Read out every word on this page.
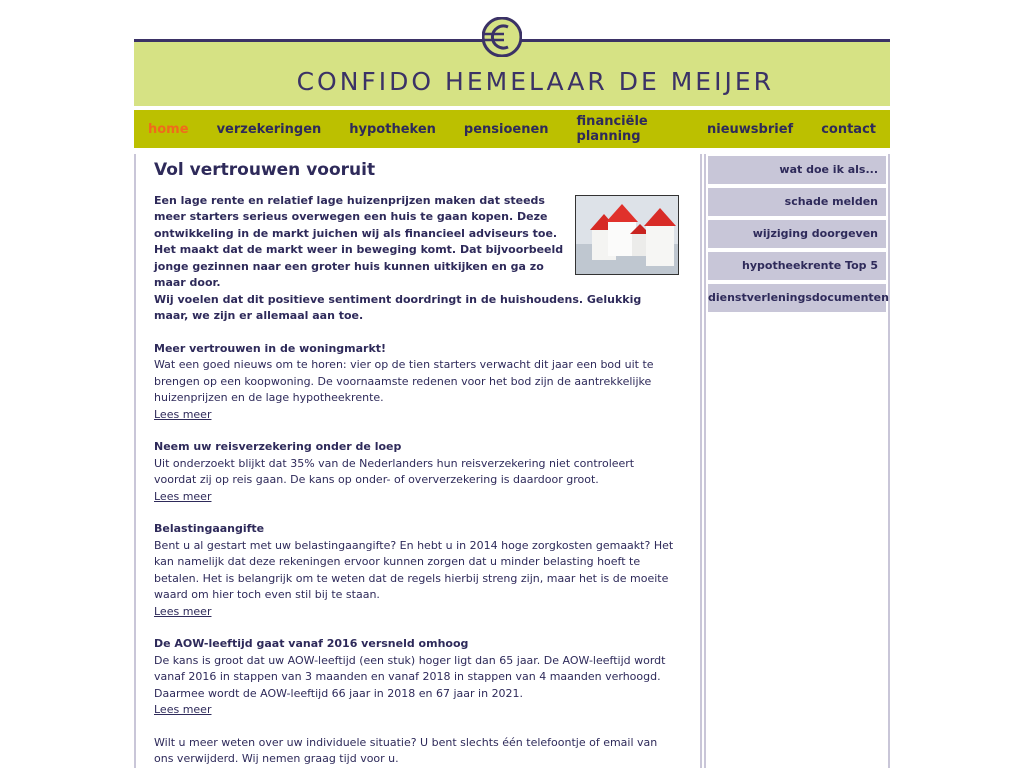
CONFIDO HEMELAAR DE MEIJER
home verzekeringen hypotheken pensioenen financiële planning	nieuwsbrief contact
Vol vertrouwen vooruit

Een lage rente en relatief lage huizenprijzen maken dat steeds meer starters serieus overwegen een huis te gaan kopen. Deze ontwikkeling in de markt juichen wij als financieel adviseurs toe. Het maakt dat de markt weer in beweging komt. Dat bijvoorbeeld jonge gezinnen naar een groter huis kunnen uitkijken en ga zo maar door.

Wij voelen dat dit positieve sentiment doordringt in de huishoudens. Gelukkig maar, we zijn er allemaal aan toe.

Meer vertrouwen in de woningmarkt!

Wat een goed nieuws om te horen: vier op de tien starters verwacht dit jaar een bod uit te brengen op een koopwoning. De voornaamste redenen voor het bod zijn de aantrekkelijke huizenprijzen en de lage hypotheekrente.

Lees meer
Neem uw reisverzekering onder de loep

Uit onderzoekt blijkt dat 35% van de Nederlanders hun reisverzekering niet controleert voordat zij op reis gaan. De kans op onder- of oververzekering is daardoor groot.

Lees meer
Belastingaangifte

Bent u al gestart met uw belastingaangifte? En hebt u in 2014 hoge zorgkosten gemaakt? Het kan namelijk dat deze rekeningen ervoor kunnen zorgen dat u minder belasting hoeft te betalen. Het is belangrijk om te weten dat de regels hierbij streng zijn, maar het is de moeite waard om hier toch even stil bij te staan.

Lees meer
De AOW-leeftijd gaat vanaf 2016 versneld omhoog

De kans is groot dat uw AOW-leeftijd (een stuk) hoger ligt dan 65 jaar. De AOW-leeftijd wordt vanaf 2016 in stappen van 3 maanden en vanaf 2018 in stappen van 4 maanden verhoogd. Daarmee wordt de AOW-leeftijd 66 jaar in 2018 en 67 jaar in 2021.

Lees meer

Wilt u meer weten over uw individuele situatie? U bent slechts één telefoontje of email van ons verwijderd. Wij nemen graag tijd voor u.

wat doe ik als...
schade melden
wijziging doorgeven
hypotheekrente Top 5
dienstverleningsdocumenten
